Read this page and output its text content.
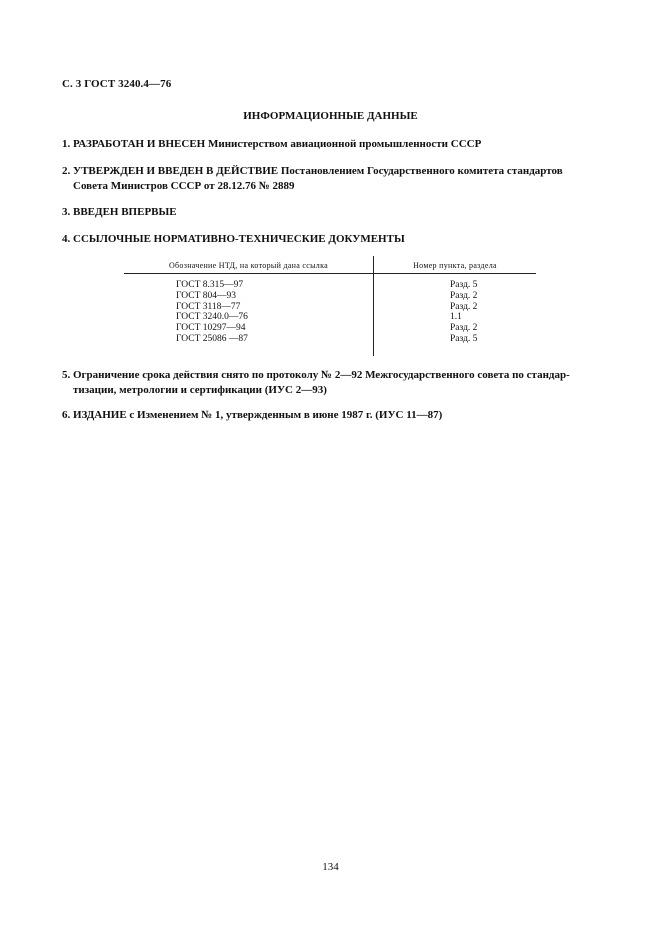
С. 3 ГОСТ 3240.4—76
ИНФОРМАЦИОННЫЕ ДАННЫЕ
1. РАЗРАБОТАН И ВНЕСЕН Министерством авиационной промышленности СССР
2. УТВЕРЖДЕН И ВВЕДЕН В ДЕЙСТВИЕ Постановлением Государственного комитета стандартов
Совета Министров СССР от 28.12.76 № 2889
3. ВВЕДЕН ВПЕРВЫЕ
4. ССЫЛОЧНЫЕ НОРМАТИВНО-ТЕХНИЧЕСКИЕ ДОКУМЕНТЫ
Обозначение НТД, на который дана ссылка	Номер пункта, раздела
ГОСТ 8.315—97	Разд. 5
ГОСТ 804—93	Разд. 2
ГОСТ 3118—77	Разд. 2
ГОСТ 3240.0—76	1.1
ГОСТ 10297—94	Разд. 2
ГОСТ 25086 —87	Разд. 5
5. Ограничение срока действия снято по протоколу № 2—92 Межгосударственного совета по стандар-
тизации, метрологии и сертификации (ИУС 2—93)
6. ИЗДАНИЕ с Изменением № 1, утвержденным в июне 1987 г. (ИУС 11—87)
134
